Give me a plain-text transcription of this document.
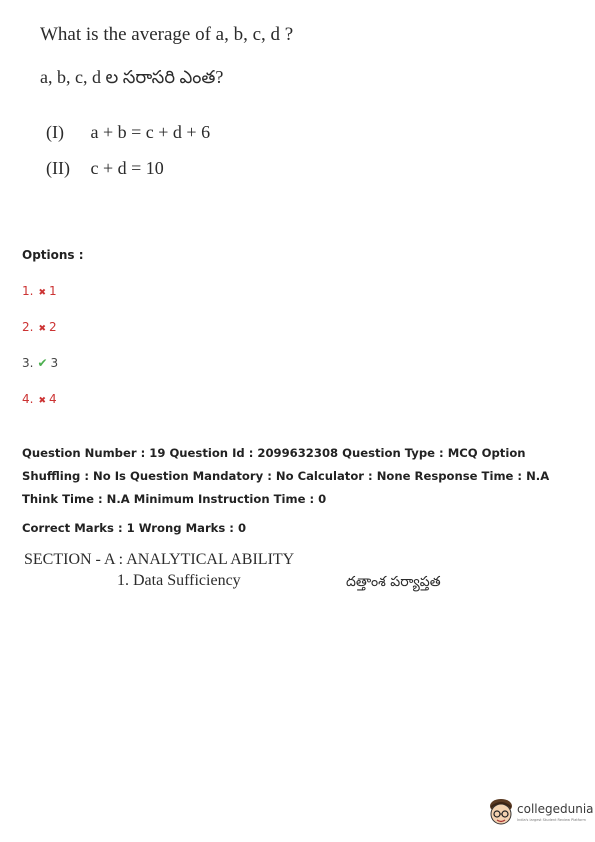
What is the average of a, b, c, d ?
a, b, c, d ల సరాసరి ఎంత?
(I) a + b = c + d + 6
(II) c + d = 10
Options :
1. ✖ 1
2. ✖ 2
3. ✔ 3
4. ✖ 4
Question Number : 19 Question Id : 2099632308 Question Type : MCQ Option Shuffling : No Is Question Mandatory : No Calculator : None Response Time : N.A Think Time : N.A Minimum Instruction Time : 0
Correct Marks : 1 Wrong Marks : 0
SECTION - A : ANALYTICAL ABILITY
1. Data Sufficiency	దత్తాంశ పర్యాప్తత
collegedunia
India's largest Student Review Platform
